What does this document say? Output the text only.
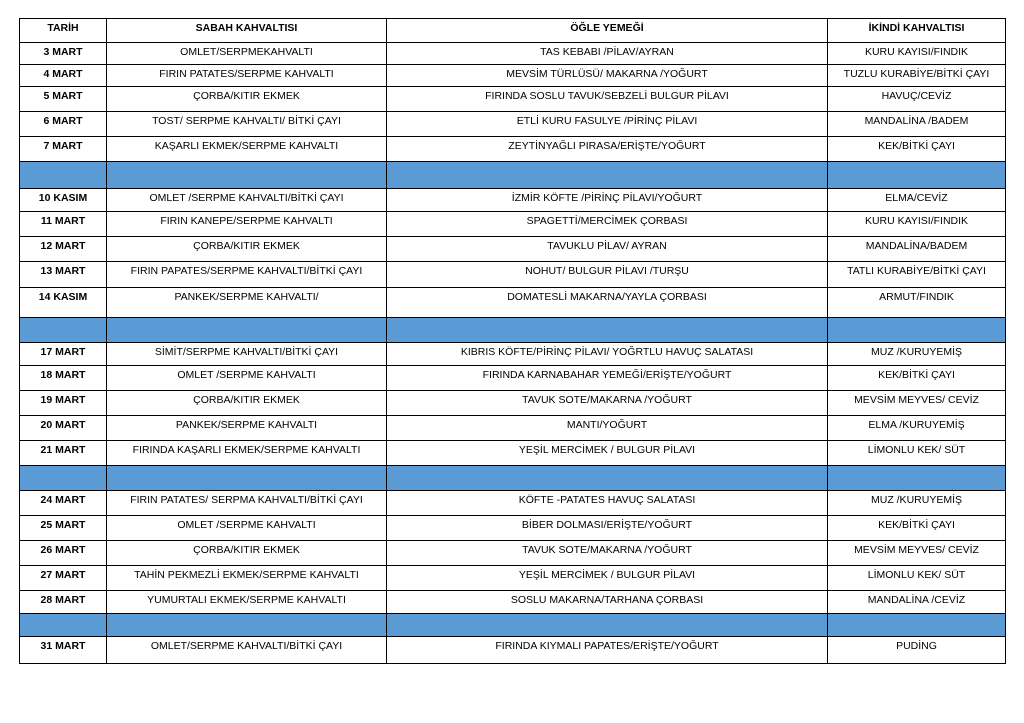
TARİH	SABAH KAHVALTISI	ÖĞLE YEMEĞİ	İKİNDİ KAHVALTISI
3 MART	OMLET/SERPMEKAHVALTI	TAS KEBABI /PİLAV/AYRAN	KURU KAYISI/FINDIK
4 MART	FIRIN PATATES/SERPME KAHVALTI	MEVSİM TÜRLÜSÜ/ MAKARNA /YOĞURT	TUZLU KURABİYE/BİTKİ ÇAYI
5 MART	ÇORBA/KITIR EKMEK	FIRINDA SOSLU TAVUK/SEBZELİ BULGUR PİLAVI	HAVUÇ/CEVİZ
6 MART	TOST/ SERPME KAHVALTI/ BİTKİ ÇAYI	ETLİ KURU FASULYE /PİRİNÇ PİLAVI	MANDALİNA /BADEM
7 MART	KAŞARLI EKMEK/SERPME KAHVALTI	ZEYTİNYAĞLI PIRASA/ERİŞTE/YOĞURT	KEK/BİTKİ ÇAYI

10 KASIM	OMLET /SERPME KAHVALTI/BİTKİ ÇAYI	İZMİR KÖFTE /PİRİNÇ PİLAVI/YOĞURT	ELMA/CEVİZ
11 MART	FIRIN KANEPE/SERPME KAHVALTI	SPAGETTİ/MERCİMEK ÇORBASI	KURU KAYISI/FINDIK
12 MART	ÇORBA/KITIR EKMEK	TAVUKLU PİLAV/ AYRAN	MANDALİNA/BADEM
13 MART	FIRIN PAPATES/SERPME KAHVALTI/BİTKİ ÇAYI	NOHUT/ BULGUR PİLAVI /TURŞU	TATLI KURABİYE/BİTKİ ÇAYI
14 KASIM	PANKEK/SERPME KAHVALTI/	DOMATESLİ MAKARNA/YAYLA ÇORBASI	ARMUT/FINDIK

17 MART	SİMİT/SERPME KAHVALTI/BİTKİ ÇAYI	KIBRIS KÖFTE/PİRİNÇ PİLAVI/ YOĞRTLU HAVUÇ SALATASI	MUZ /KURUYEMİŞ
18 MART	OMLET /SERPME KAHVALTI	FIRINDA KARNABAHAR YEMEĞİ/ERİŞTE/YOĞURT	KEK/BİTKİ ÇAYI
19 MART	ÇORBA/KITIR EKMEK	TAVUK SOTE/MAKARNA /YOĞURT	MEVSİM MEYVES/ CEVİZ
20 MART	PANKEK/SERPME KAHVALTI	MANTI/YOĞURT	ELMA /KURUYEMİŞ
21 MART	FIRINDA KAŞARLI EKMEK/SERPME KAHVALTI	YEŞİL MERCİMEK / BULGUR PİLAVI	LİMONLU KEK/ SÜT

24 MART	FIRIN PATATES/ SERPMA KAHVALTI/BİTKİ ÇAYI	KÖFTE -PATATES HAVUÇ SALATASI	MUZ /KURUYEMİŞ
25 MART	OMLET /SERPME KAHVALTI	BİBER DOLMASI/ERİŞTE/YOĞURT	KEK/BİTKİ ÇAYI
26 MART	ÇORBA/KITIR EKMEK	TAVUK SOTE/MAKARNA /YOĞURT	MEVSİM MEYVES/ CEVİZ
27 MART	TAHİN PEKMEZLİ EKMEK/SERPME KAHVALTI	YEŞİL MERCİMEK / BULGUR PİLAVI	LİMONLU KEK/ SÜT
28 MART	YUMURTALI EKMEK/SERPME KAHVALTI	SOSLU MAKARNA/TARHANA ÇORBASI	MANDALİNA /CEVİZ

31 MART	OMLET/SERPME KAHVALTI/BİTKİ ÇAYI	FIRINDA KIYMALI PAPATES/ERİŞTE/YOĞURT	PUDİNG
